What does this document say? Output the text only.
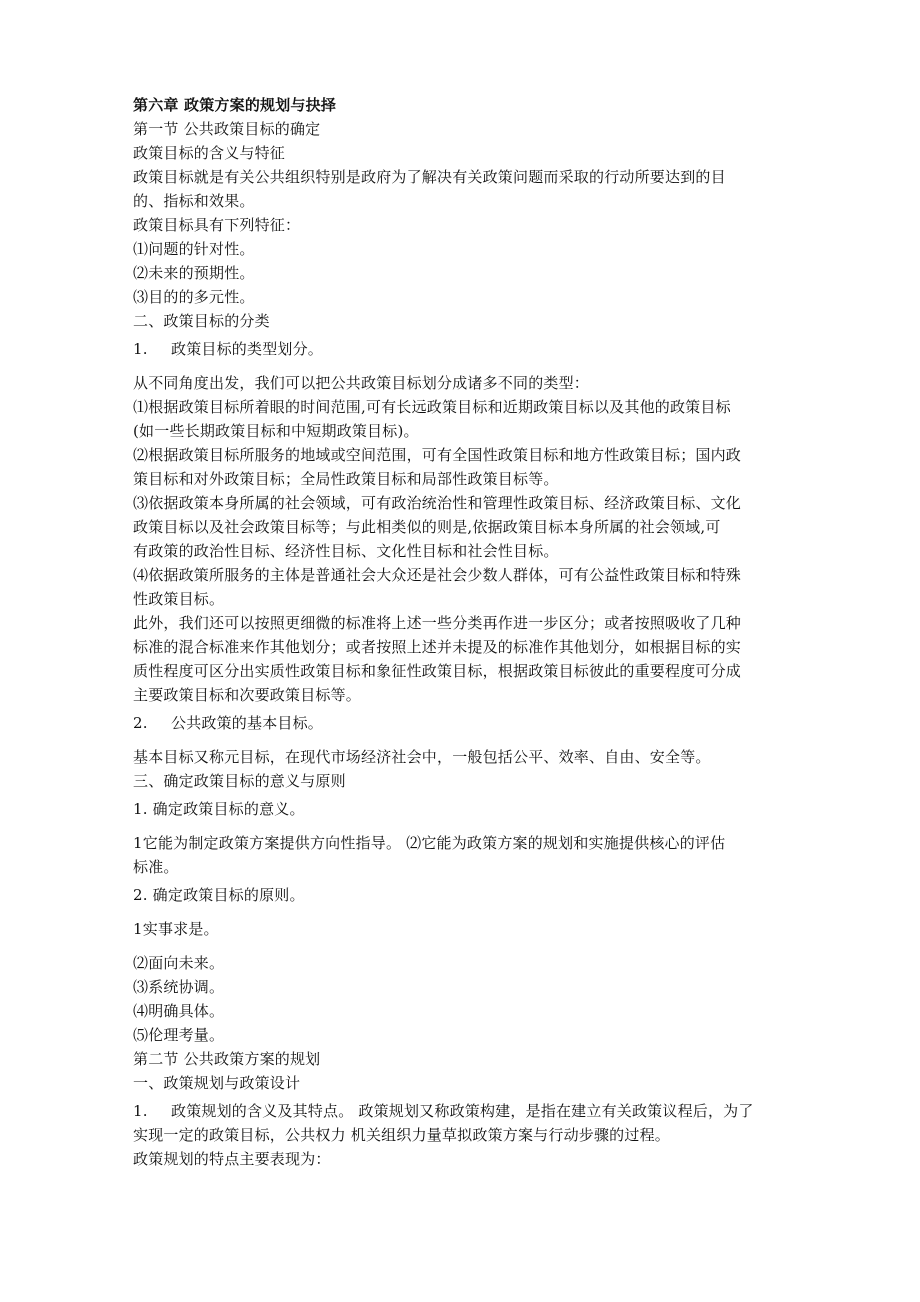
第六章 政策方案的规划与抉择

第一节 公共政策目标的确定

政策目标的含义与特征

政策目标就是有关公共组织特别是政府为了解决有关政策问题而采取的行动所要达到的目

的、指标和效果。

政策目标具有下列特征：

⑴问题的针对性。

⑵未来的预期性。

⑶目的的多元性。

二、政策目标的分类

1. 政策目标的类型划分。

从不同角度出发，我们可以把公共政策目标划分成诸多不同的类型：

⑴根据政策目标所着眼的时间范围,可有长远政策目标和近期政策目标以及其他的政策目标

(如一些长期政策目标和中短期政策目标)。

⑵根据政策目标所服务的地域或空间范围，可有全国性政策目标和地方性政策目标；国内政

策目标和对外政策目标；全局性政策目标和局部性政策目标等。

⑶依据政策本身所属的社会领域，可有政治统治性和管理性政策目标、经济政策目标、文化

政策目标以及社会政策目标等；与此相类似的则是,依据政策目标本身所属的社会领域,可

有政策的政治性目标、经济性目标、文化性目标和社会性目标。

⑷依据政策所服务的主体是普通社会大众还是社会少数人群体，可有公益性政策目标和特殊

性政策目标。

此外，我们还可以按照更细微的标准将上述一些分类再作进一步区分；或者按照吸收了几种

标准的混合标准来作其他划分；或者按照上述并未提及的标准作其他划分，如根据目标的实

质性程度可区分出实质性政策目标和象征性政策目标，根据政策目标彼此的重要程度可分成

主要政策目标和次要政策目标等。

2. 公共政策的基本目标。

基本目标又称元目标，在现代市场经济社会中，一般包括公平、效率、自由、安全等。

三、确定政策目标的意义与原则

1. 确定政策目标的意义。

1它能为制定政策方案提供方向性指导。 ⑵它能为政策方案的规划和实施提供核心的评估

标准。

2. 确定政策目标的原则。

1实事求是。

⑵面向未来。

⑶系统协调。

⑷明确具体。

⑸伦理考量。

第二节 公共政策方案的规划

一、政策规划与政策设计

1. 政策规划的含义及其特点。 政策规划又称政策构建，是指在建立有关政策议程后，为了

实现一定的政策目标，公共权力 机关组织力量草拟政策方案与行动步骤的过程。

政策规划的特点主要表现为：
